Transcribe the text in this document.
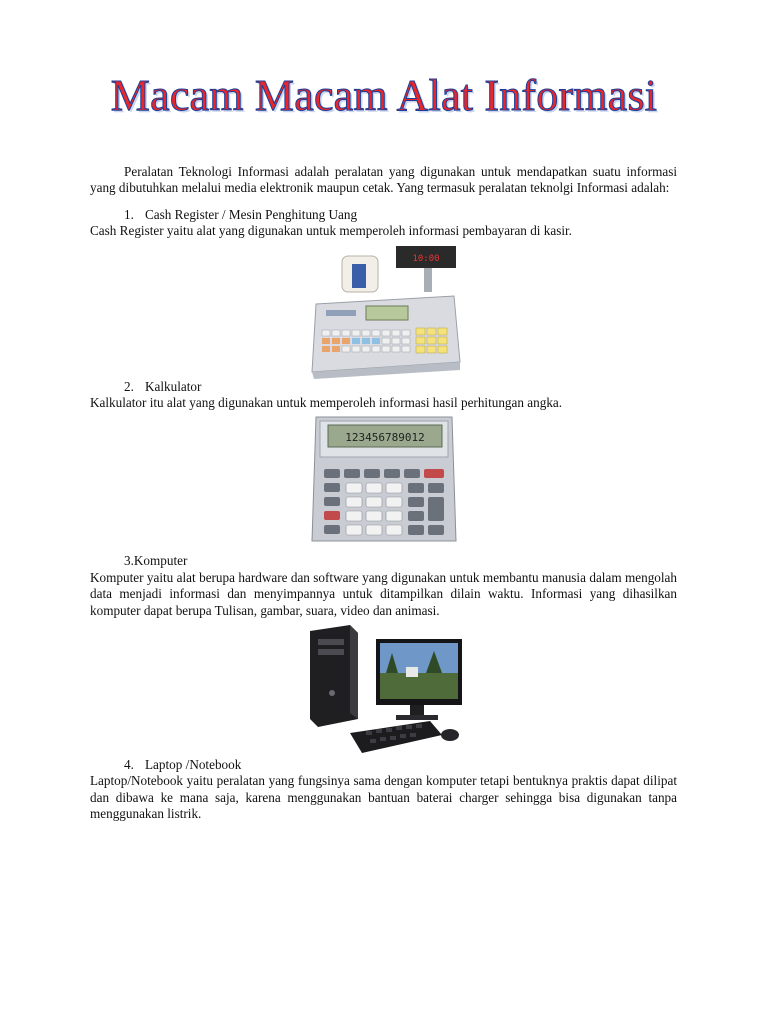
Macam Macam Alat Informasi

Peralatan Teknologi Informasi adalah peralatan yang digunakan untuk mendapatkan suatu informasi yang dibutuhkan melalui media elektronik maupun cetak. Yang termasuk peralatan teknolgi Informasi adalah:

1. Cash Register / Mesin Penghitung Uang

Cash Register yaitu alat yang digunakan untuk memperoleh informasi pembayaran di kasir.

10:00

2. Kalkulator

Kalkulator itu alat yang digunakan untuk memperoleh informasi hasil perhitungan angka.

123456789012

3.Komputer

Komputer yaitu alat berupa hardware dan software yang digunakan untuk membantu manusia dalam mengolah data menjadi informasi dan menyimpannya untuk ditampilkan dilain waktu. Informasi yang dihasilkan komputer dapat berupa Tulisan, gambar, suara, video dan animasi.

4. Laptop /Notebook

Laptop/Notebook yaitu peralatan yang fungsinya sama dengan komputer tetapi bentuknya praktis dapat dilipat dan dibawa ke mana saja, karena menggunakan bantuan baterai charger sehingga bisa digunakan tanpa menggunakan listrik.
